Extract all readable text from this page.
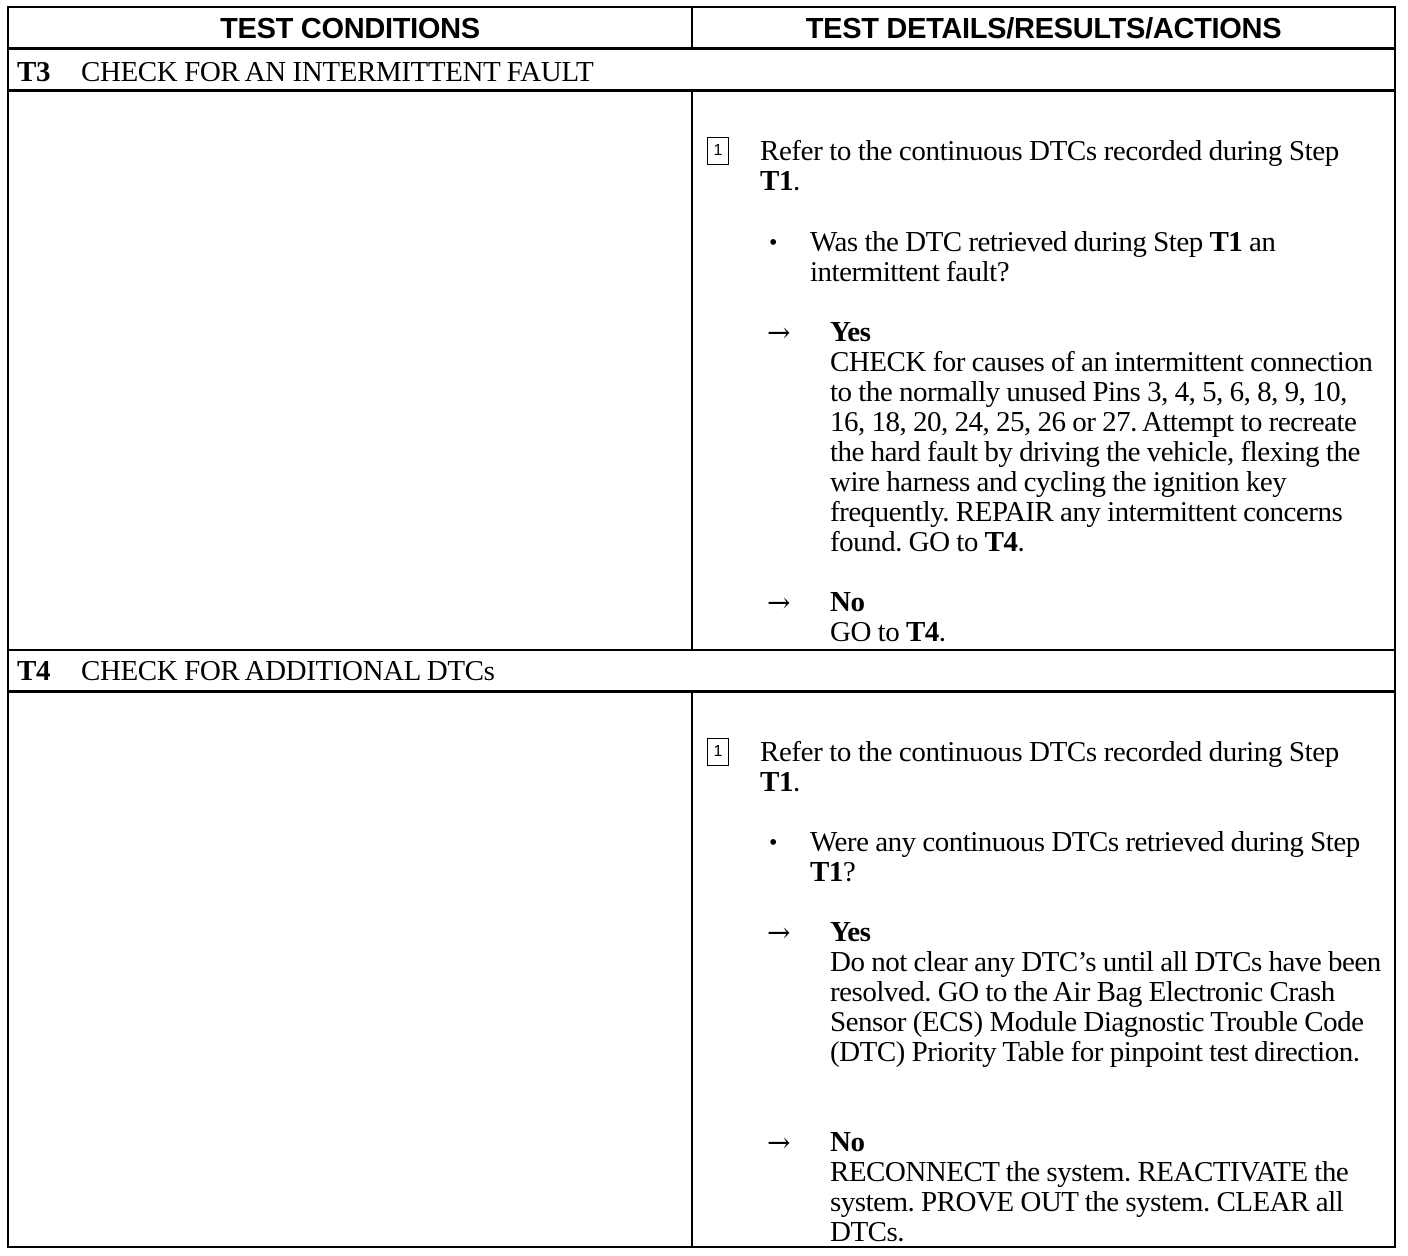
TEST CONDITIONS	TEST DETAILS/RESULTS/ACTIONS
T3	CHECK FOR AN INTERMITTENT FAULT
1 Refer to the continuous DTCs recorded during Step
T1.
• Was the DTC retrieved during Step T1 an intermittent fault?
→ Yes
CHECK for causes of an intermittent connection to the normally unused Pins 3, 4, 5, 6, 8, 9, 10, 16, 18, 20, 24, 25, 26 or 27. Attempt to recreate the hard fault by driving the vehicle, flexing the wire harness and cycling the ignition key frequently. REPAIR any intermittent concerns found. GO to T4.
→ No
GO to T4.
T4	CHECK FOR ADDITIONAL DTCs
1 Refer to the continuous DTCs recorded during Step
T1.
• Were any continuous DTCs retrieved during Step T1?
→ Yes
Do not clear any DTC’s until all DTCs have been resolved. GO to the Air Bag Electronic Crash Sensor (ECS) Module Diagnostic Trouble Code (DTC) Priority Table for pinpoint test direction.
→ No
RECONNECT the system. REACTIVATE the system. PROVE OUT the system. CLEAR all DTCs.
